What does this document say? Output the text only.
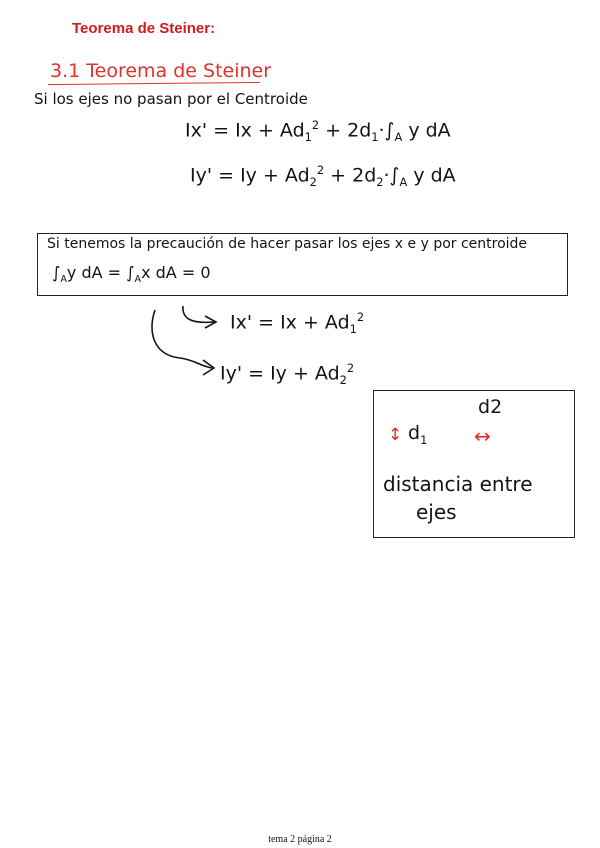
Teorema de Steiner:
3.1 Teorema de Steiner
Si los ejes no pasan por el Centroide
$Ix' = Ix + Ad_1^2 + 2d_1\cdot\int_A$ y dA
$Iy' = Iy + Ad_2^2 + 2d_2\cdot\int_A$ y dA
Si tenemos la precaución de hacer pasar los ejes x e y por centroide
$\int_Ay$ dA = $\int_Ax$ dA = 0
$Ix' = Ix + Ad_1^2$
$Iy' = Iy + Ad_2^2$
↕ $d_1$
d2
↔
distancia entre
ejes
tema 2 página 2
